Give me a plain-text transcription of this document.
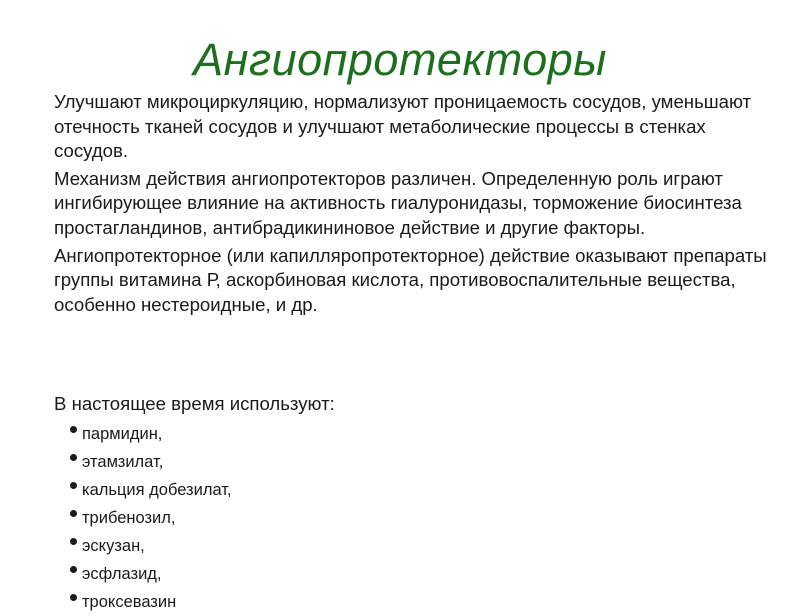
Ангиопротекторы

Улучшают микроциркуляцию, нормализуют проницаемость сосудов, уменьшают отечность тканей сосудов и улучшают метаболические процессы в стенках сосудов.

Механизм действия ангиопротекторов различен. Определенную роль играют ингибирующее влияние на активность гиалуронидазы, торможение биосинтеза простагландинов, антибрадикининовое действие и другие факторы.

Ангиопротекторное (или капилляропротекторное) действие оказывают препараты группы витамина Р, аскорбиновая кислота, противовоспалительные вещества, особенно нестероидные, и др.

В настоящее время используют:
пармидин,
этамзилат,
кальция добезилат,
трибенозил,
эскузан,
эсфлазид,
троксевазин
